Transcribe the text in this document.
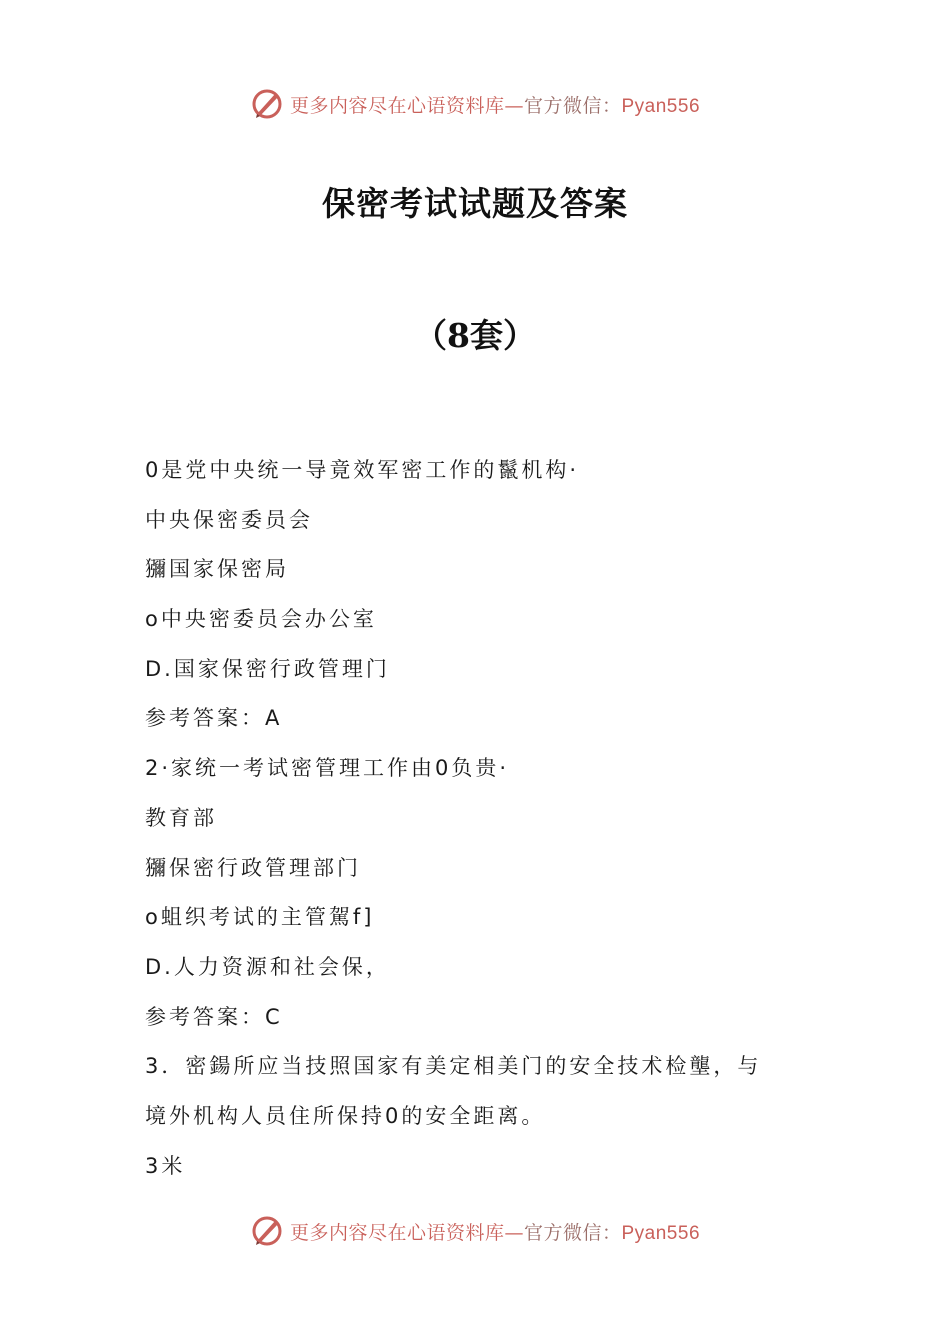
更多内容尽在心语资料库—官方微信：Pyan556
保密考试试题及答案
（8套）
0是党中央统一导竟效军密工作的鬣机构·
中央保密委员会
獼国家保密局
o中央密委员会办公室
D.国家保密行政管理门
参考答案：A
2·家统一考试密管理工作由0负贵·
教育部
獼保密行政管理部门
o蛆织考试的主管駕f]
D.人力资源和社会保，
参考答案：C
3．密鍚所应当技照国家有美定相美门的安全技术检壟，与
境外机构人员住所保持0的安全距离。
3米
更多内容尽在心语资料库—官方微信：Pyan556
